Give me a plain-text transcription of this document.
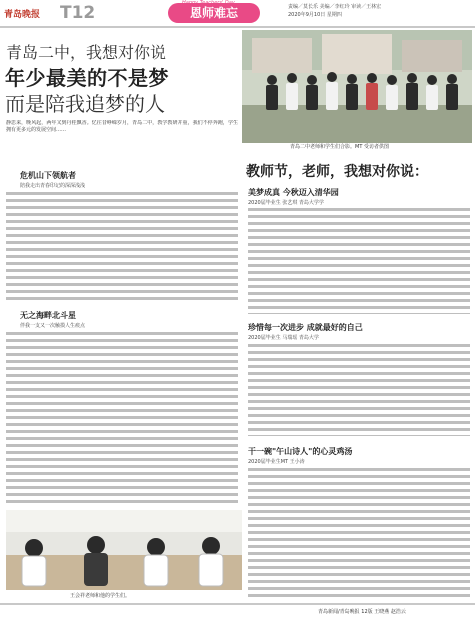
青岛晚报 T12	恩师难忘	责编／莫长乐 美编／李红玲 审读／王林宏
2020年9月10日 星期四
青岛二中，我想对你说
年少最美的不是梦
而是陪我追梦的人
青岛二中老师和学生们合影。MT 受访者供图
静思来，晚风起，两年又到丹桂飘香。忆往昔峥嵘岁月，青岛二中，教学教研并重，我们不停奔跑，学生拥有更多元的发展空间……
危机山下领航者
陪我走出青春印记的深深浅浅
无之海畔北斗星
伴我一支又一次触摸人生痕点
王会祥老师和他的学生们。
教师节，老师，我想对你说：
美梦成真 今秋迈入清华园
2020届毕业生 张艺琪 青岛大学学
珍惜每一次进步 成就最好的自己
2020届毕业生 马瑞瑶 青岛大学
干一碗"午山诗人"的心灵鸡汤
2020届毕业生MT 王小涛
青岛新闻/青岛晚报 12版 王晓燕 赵浩云
